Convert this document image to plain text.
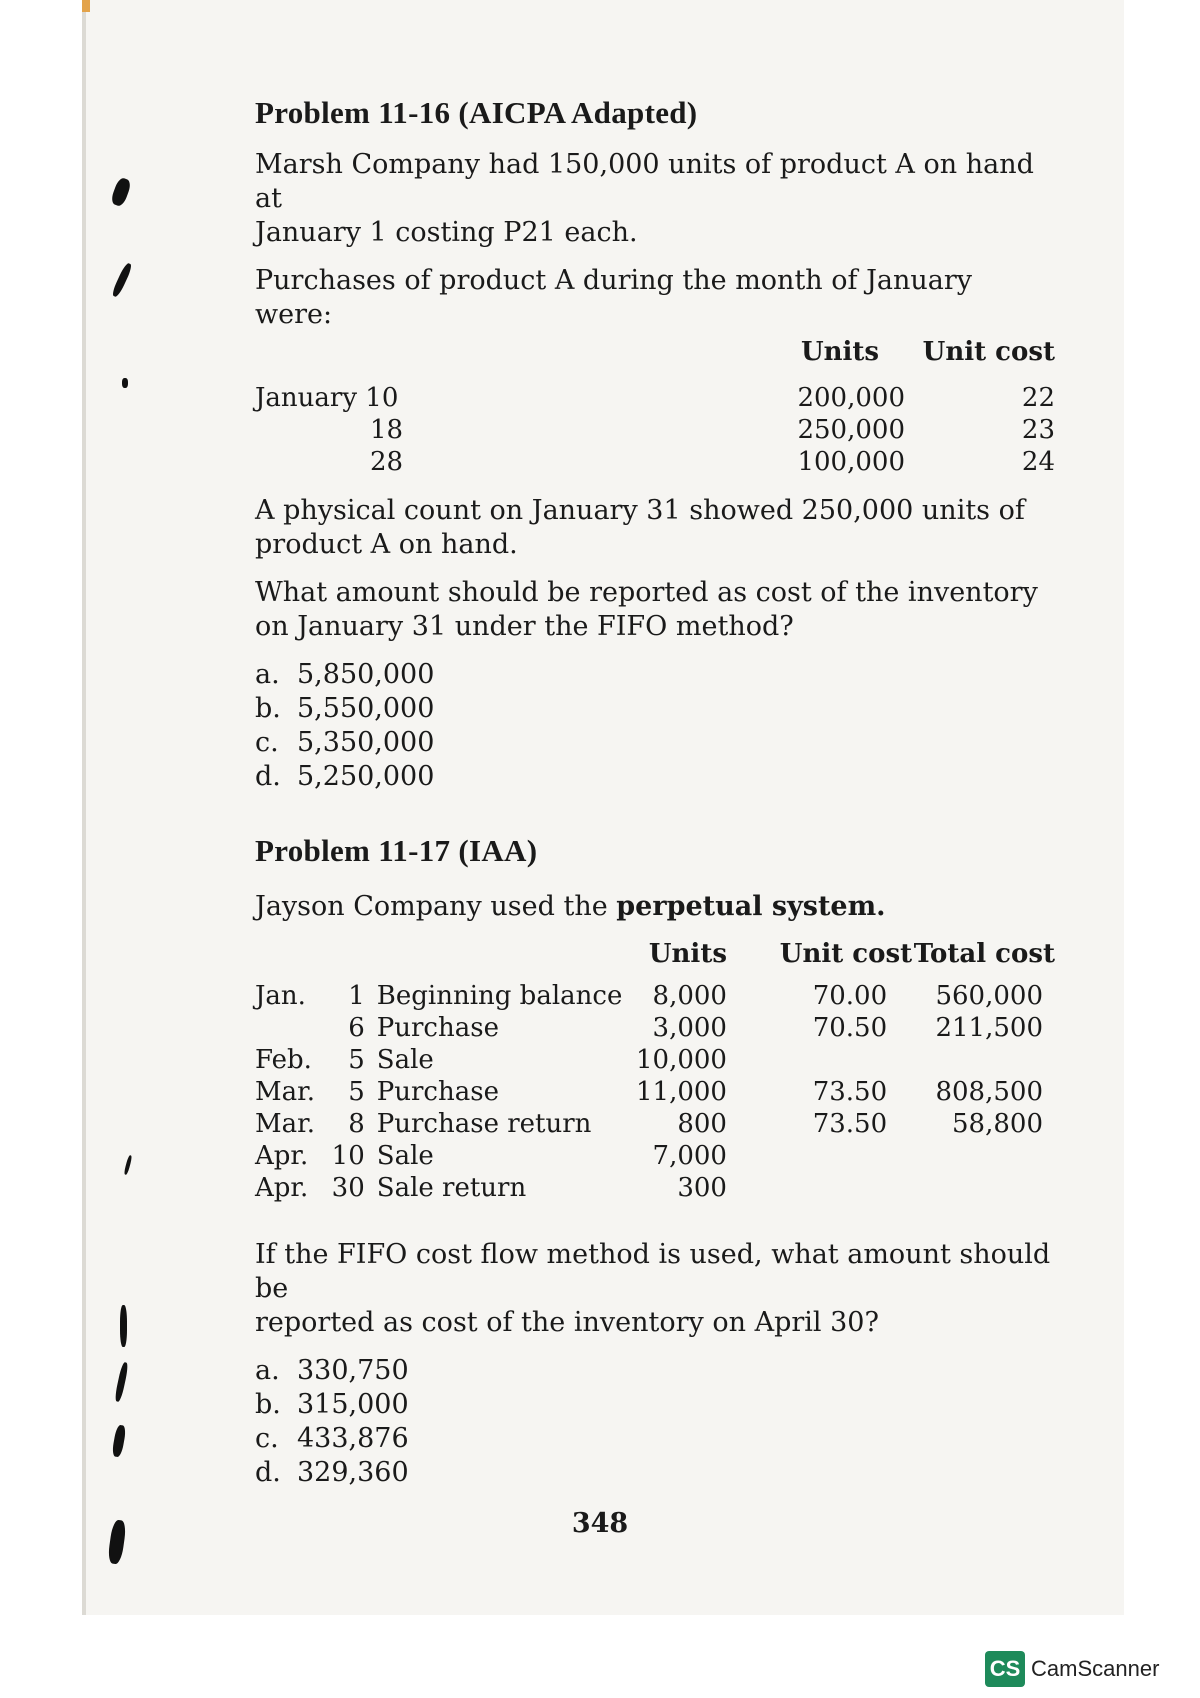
Problem 11-16 (AICPA Adapted)

Marsh Company had 150,000 units of product A on hand at
January 1 costing P21 each.

Purchases of product A during the month of January were:

	Units	Unit cost

January 10	200,000	22
18	250,000	23
28	100,000	24

A physical count on January 31 showed 250,000 units of
product A on hand.

What amount should be reported as cost of the inventory
on January 31 under the FIFO method?

a. 5,850,000
b. 5,550,000
c. 5,350,000
d. 5,250,000
Problem 11-17 (IAA)

Jayson Company used the perpetual system.

			Units	Unit cost	Total cost

Jan.	1	Beginning balance	8,000	70.00	560,000
	6	Purchase	3,000	70.50	211,500
Feb.	5	Sale	10,000		
Mar.	5	Purchase	11,000	73.50	808,500
Mar.	8	Purchase return	800	73.50	58,800
Apr.	10	Sale	7,000		
Apr.	30	Sale return	300		

If the FIFO cost flow method is used, what amount should be
reported as cost of the inventory on April 30?

a. 330,750
b. 315,000
c. 433,876
d. 329,360
348
CS CamScanner
